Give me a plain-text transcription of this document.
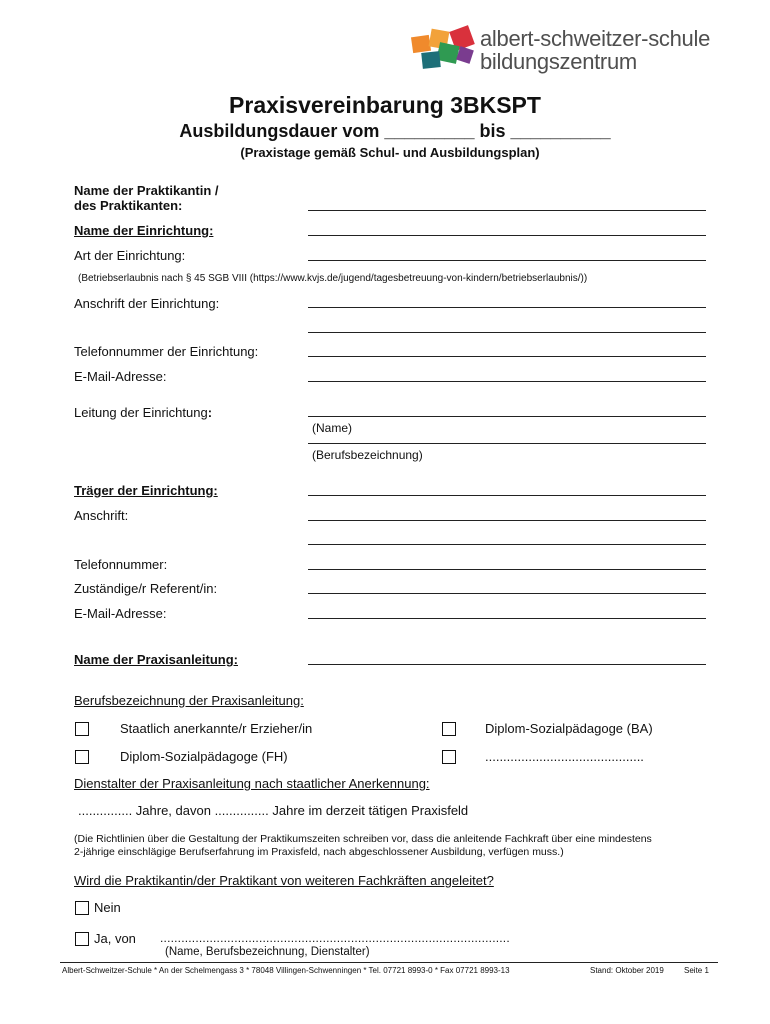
albert-schweitzer-schule
bildungszentrum
Praxisvereinbarung 3BKSPT
Ausbildungsdauer vom _________ bis __________
(Praxistage gemäß Schul- und Ausbildungsplan)
Name der Praktikantin /
des Praktikanten:
Name der Einrichtung:
Art der Einrichtung:
(Betriebserlaubnis nach § 45 SGB VIII (https://www.kvjs.de/jugend/tagesbetreuung-von-kindern/betriebserlaubnis/))
Anschrift der Einrichtung:
Telefonnummer der Einrichtung:
E-Mail-Adresse:
Leitung der Einrichtung:
(Name)
(Berufsbezeichnung)
Träger der Einrichtung:
Anschrift:
Telefonnummer:
Zuständige/r Referent/in:
E-Mail-Adresse:
Name der Praxisanleitung:
Berufsbezeichnung der Praxisanleitung:
Staatlich anerkannte/r Erzieher/in	Diplom-Sozialpädagoge (BA)
Diplom-Sozialpädagoge (FH)	............................................
Dienstalter der Praxisanleitung nach staatlicher Anerkennung:
............... Jahre, davon ............... Jahre im derzeit tätigen Praxisfeld
(Die Richtlinien über die Gestaltung der Praktikumszeiten schreiben vor, dass die anleitende Fachkraft über eine mindestens
2-jährige einschlägige Berufserfahrung im Praxisfeld, nach abgeschlossener Ausbildung, verfügen muss.)
Wird die Praktikantin/der Praktikant von weiteren Fachkräften angeleitet?
Nein
Ja, von ...................................................................................................
(Name, Berufsbezeichnung, Dienstalter)
Albert-Schweitzer-Schule * An der Schelmengass 3 * 78048 Villingen-Schwenningen * Tel. 07721 8993-0 * Fax 07721 8993-13	Stand: Oktober 2019	Seite 1
